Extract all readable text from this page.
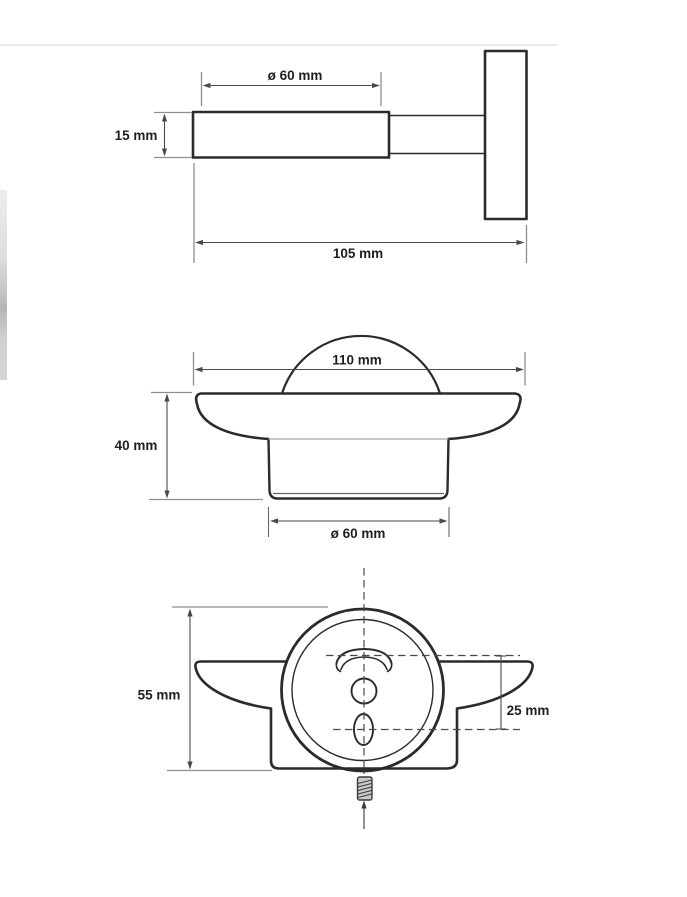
ø 60 mm
15 mm
105 mm
110 mm
40 mm
ø 60 mm
55 mm
25 mm
